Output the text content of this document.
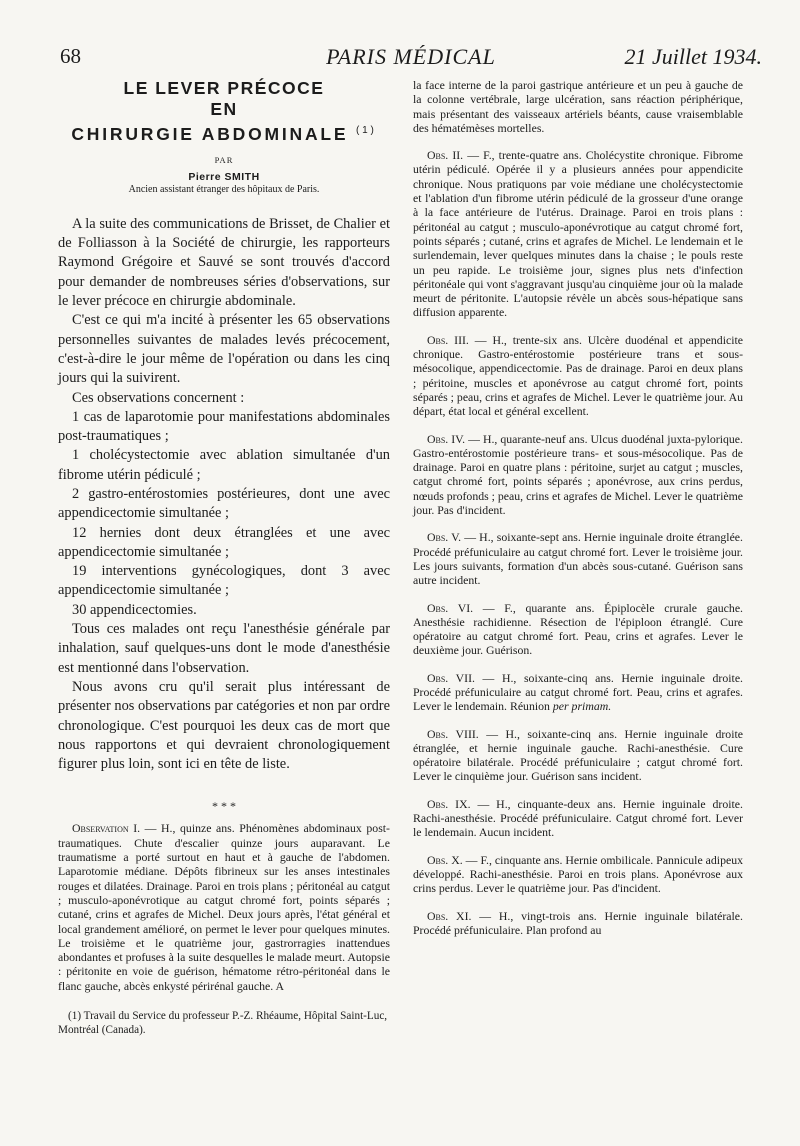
68	PARIS MÉDICAL	21 Juillet 1934.
LE LEVER PRÉCOCE
EN
CHIRURGIE ABDOMINALE $^{(1)}$
PAR
Pierre SMITH
Ancien assistant étranger des hôpitaux de Paris.

A la suite des communications de Brisset, de Chalier et de Folliasson à la Société de chirurgie, les rapporteurs Raymond Grégoire et Sauvé se sont trouvés d'accord pour demander de nombreuses séries d'observations, sur le lever précoce en chirurgie abdominale.

C'est ce qui m'a incité à présenter les 65 observations personnelles suivantes de malades levés précocement, c'est-à-dire le jour même de l'opération ou dans les cinq jours qui la suivirent.

Ces observations concernent :

1 cas de laparotomie pour manifestations abdominales post-traumatiques ;

1 cholécystectomie avec ablation simultanée d'un fibrome utérin pédiculé ;

2 gastro-entérostomies postérieures, dont une avec appendicectomie simultanée ;

12 hernies dont deux étranglées et une avec appendicectomie simultanée ;

19 interventions gynécologiques, dont 3 avec appendicectomie simultanée ;

30 appendicectomies.

Tous ces malades ont reçu l'anesthésie générale par inhalation, sauf quelques-uns dont le mode d'anesthésie est mentionné dans l'observation.

Nous avons cru qu'il serait plus intéressant de présenter nos observations par catégories et non par ordre chronologique. C'est pourquoi les deux cas de mort que nous rapportons et qui devraient chronologiquement figurer plus loin, sont ici en tête de liste.

* * *

Observation I. — H., quinze ans. Phénomènes abdominaux post-traumatiques. Chute d'escalier quinze jours auparavant. Le traumatisme a porté surtout en haut et à gauche de l'abdomen. Laparotomie médiane. Dépôts fibrineux sur les anses intestinales rouges et dilatées. Drainage. Paroi en trois plans ; péritonéal au catgut ; musculo-aponévrotique au catgut chromé fort, points séparés ; cutané, crins et agrafes de Michel. Deux jours après, l'état général et local grandement amélioré, on permet le lever pour quelques minutes. Le troisième et le quatrième jour, gastrorragies inattendues abondantes et profuses à la suite desquelles le malade meurt. Autopsie : péritonite en voie de guérison, hématome rétro-péritonéal dans le flanc gauche, abcès enkysté périrénal gauche. A

(1) Travail du Service du professeur P.-Z. Rhéaume, Hôpital Saint-Luc, Montréal (Canada).

la face interne de la paroi gastrique antérieure et un peu à gauche de la colonne vertébrale, large ulcération, sans réaction périphérique, mais présentant des vaisseaux artériels béants, cause vraisemblable des hématémèses mortelles.

Obs. II. — F., trente-quatre ans. Cholécystite chronique. Fibrome utérin pédiculé. Opérée il y a plusieurs années pour appendicite chronique. Nous pratiquons par voie médiane une cholécystectomie et l'ablation d'un fibrome utérin pédiculé de la grosseur d'une orange à la face antérieure de l'utérus. Drainage. Paroi en trois plans : péritonéal au catgut ; musculo-aponévrotique au catgut chromé fort, points séparés ; cutané, crins et agrafes de Michel. Le lendemain et le surlendemain, lever quelques minutes dans la chaise ; le pouls reste un peu rapide. Le troisième jour, signes plus nets d'infection péritonéale qui vont s'aggravant jusqu'au cinquième jour où la malade meurt de péritonite. L'autopsie révèle un abcès sous-hépatique sans diffusion apparente.

Obs. III. — H., trente-six ans. Ulcère duodénal et appendicite chronique. Gastro-entérostomie postérieure trans et sous-mésocolique, appendicectomie. Pas de drainage. Paroi en deux plans ; péritoine, muscles et aponévrose au catgut chromé fort, points séparés ; peau, crins et agrafes de Michel. Lever le quatrième jour. Au départ, état local et général excellent.

Obs. IV. — H., quarante-neuf ans. Ulcus duodénal juxta-pylorique. Gastro-entérostomie postérieure trans- et sous-mésocolique. Pas de drainage. Paroi en quatre plans : péritoine, surjet au catgut ; muscles, catgut chromé fort, points séparés ; aponévrose, aux crins perdus, nœuds profonds ; peau, crins et agrafes de Michel. Lever le quatrième jour. Pas d'incident.

Obs. V. — H., soixante-sept ans. Hernie inguinale droite étranglée. Procédé préfuniculaire au catgut chromé fort. Lever le troisième jour. Les jours suivants, formation d'un abcès sous-cutané. Guérison sans autre incident.

Obs. VI. — F., quarante ans. Épiplocèle crurale gauche. Anesthésie rachidienne. Résection de l'épiploon étranglé. Cure opératoire au catgut chromé fort. Peau, crins et agrafes. Lever le deuxième jour. Guérison.

Obs. VII. — H., soixante-cinq ans. Hernie inguinale droite. Procédé préfuniculaire au catgut chromé fort. Peau, crins et agrafes. Lever le lendemain. Réunion per primam.

Obs. VIII. — H., soixante-cinq ans. Hernie inguinale droite étranglée, et hernie inguinale gauche. Rachi-anesthésie. Cure opératoire bilatérale. Procédé préfuniculaire ; catgut chromé fort. Lever le cinquième jour. Guérison sans incident.

Obs. IX. — H., cinquante-deux ans. Hernie inguinale droite. Rachi-anesthésie. Procédé préfuniculaire. Catgut chromé fort. Lever le lendemain. Aucun incident.

Obs. X. — F., cinquante ans. Hernie ombilicale. Pannicule adipeux développé. Rachi-anesthésie. Paroi en trois plans. Aponévrose aux crins perdus. Lever le quatrième jour. Pas d'incident.

Obs. XI. — H., vingt-trois ans. Hernie inguinale bilatérale. Procédé préfuniculaire. Plan profond au
